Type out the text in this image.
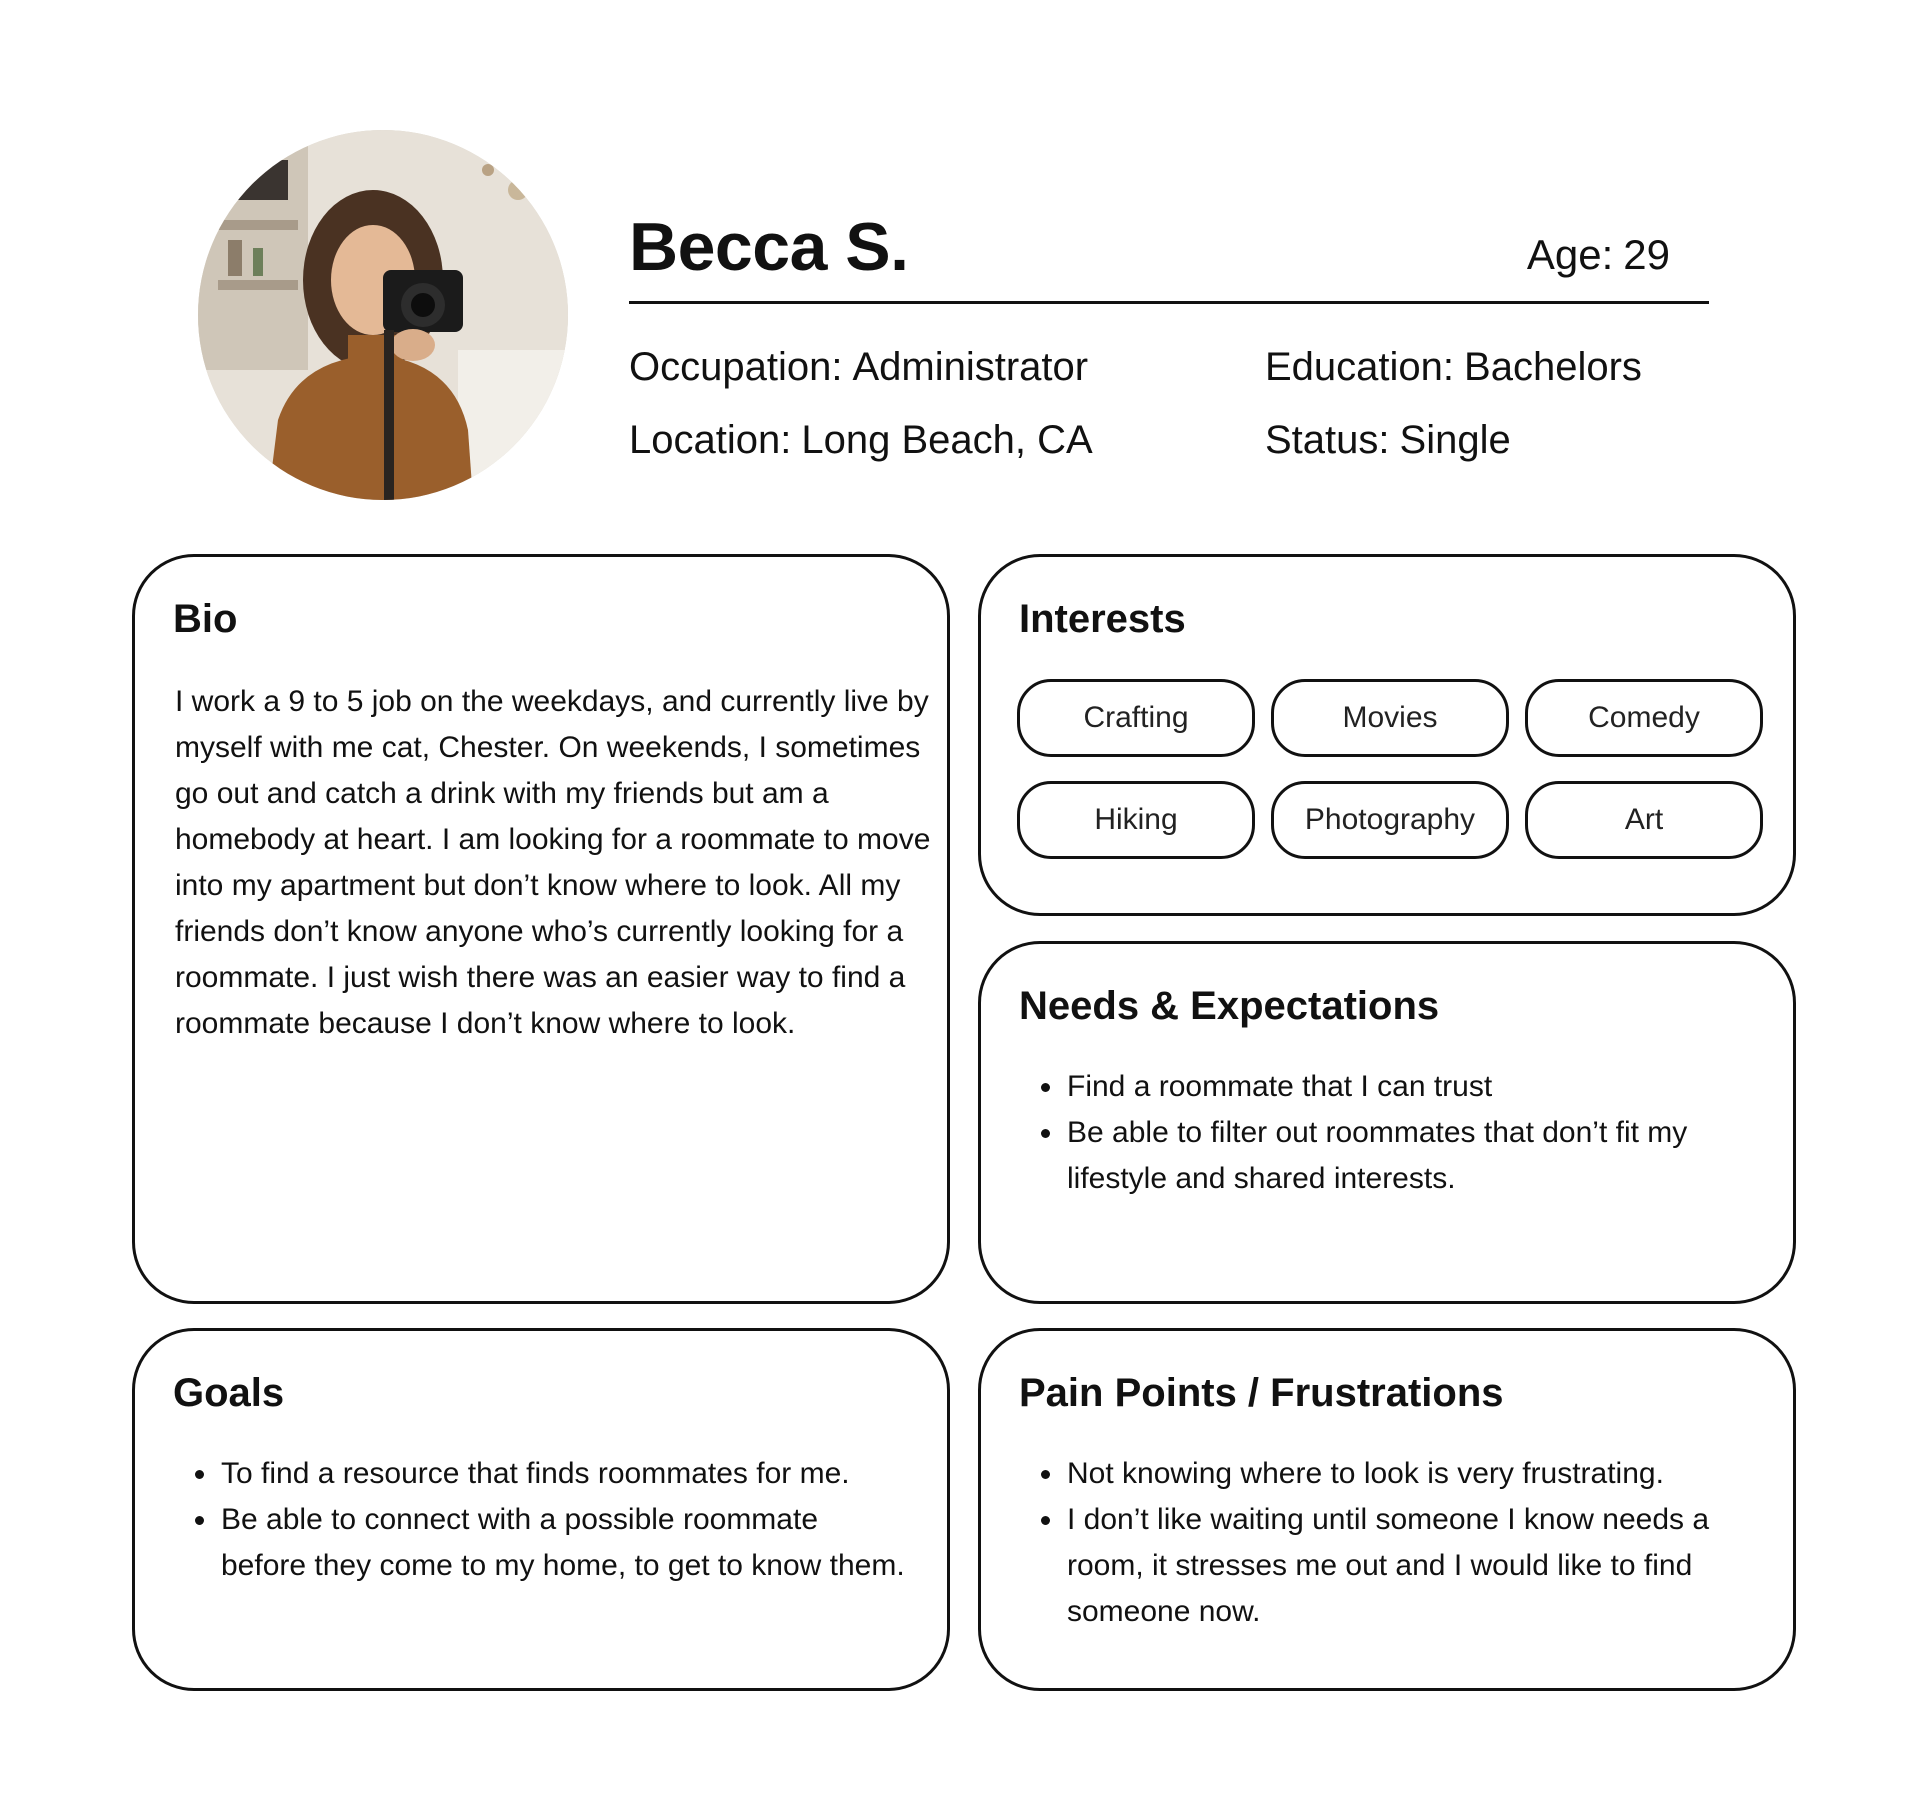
Becca S.	Age: 29
Occupation: Administrator	Education: Bachelors
Location: Long Beach, CA	Status: Single
Bio

I work a 9 to 5 job on the weekdays, and currently live by myself with me cat, Chester. On weekends, I sometimes go out and catch a drink with my friends but am a homebody at heart. I am looking for a roommate to move into my apartment but don’t know where to look. All my friends don’t know anyone who’s currently looking for a roommate. I just wish there was an easier way to find a roommate because I don’t know where to look.

Interests
Crafting	Movies	Comedy
Hiking	Photography	Art
Needs & Expectations
• Find a roommate that I can trust
• Be able to filter out roommates that don’t fit my lifestyle and shared interests.
Goals
• To find a resource that finds roommates for me.
• Be able to connect with a possible roommate before they come to my home, to get to know them.
Pain Points / Frustrations
• Not knowing where to look is very frustrating.
• I don’t like waiting until someone I know needs a room, it stresses me out and I would like to find someone now.
